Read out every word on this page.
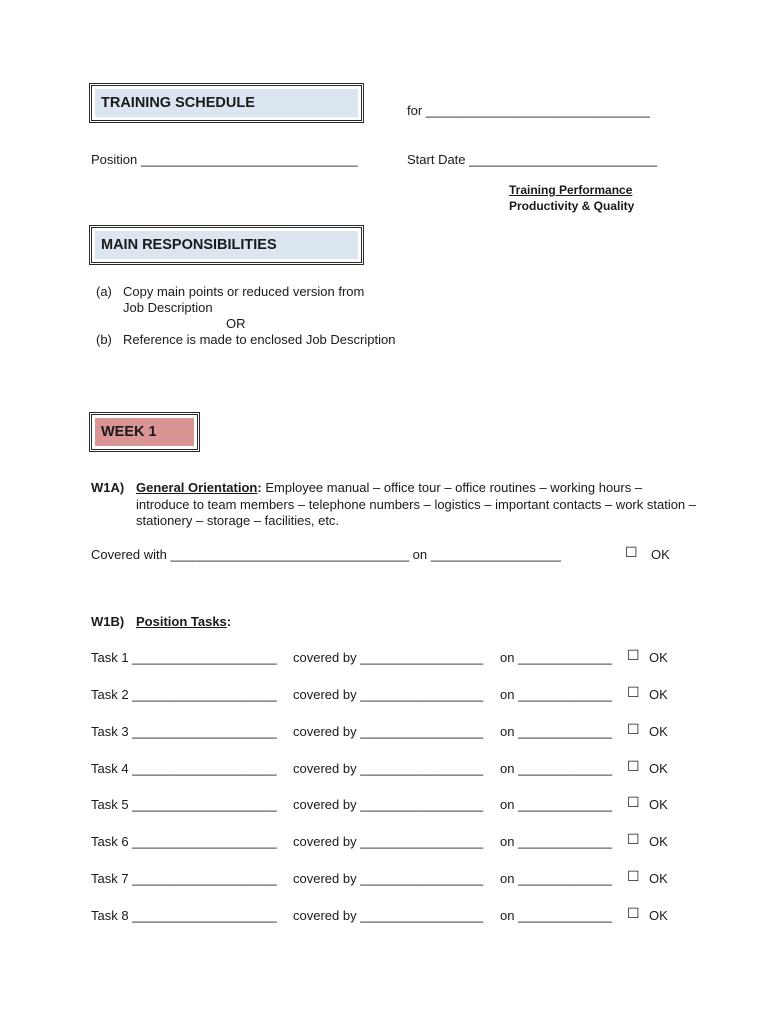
TRAINING SCHEDULE	for _______________________________
Position ______________________________	Start Date __________________________
Training Performance
Productivity & Quality
MAIN RESPONSIBILITIES
(a) Copy main points or reduced version from
Job Description
OR
(b) Reference is made to enclosed Job Description
WEEK 1
W1A) General Orientation: Employee manual – office tour – office routines – working hours – introduce to team members – telephone numbers – logistics – important contacts – work station – stationery – storage – facilities, etc.
Covered with _________________________________ on __________________	☐ OK
W1B) Position Tasks:
Task 1 ____________________ covered by _________________ on _____________ ☐ OK
Task 2 ____________________ covered by _________________ on _____________ ☐ OK
Task 3 ____________________ covered by _________________ on _____________ ☐ OK
Task 4 ____________________ covered by _________________ on _____________ ☐ OK
Task 5 ____________________ covered by _________________ on _____________ ☐ OK
Task 6 ____________________ covered by _________________ on _____________ ☐ OK
Task 7 ____________________ covered by _________________ on _____________ ☐ OK
Task 8 ____________________ covered by _________________ on _____________ ☐ OK
